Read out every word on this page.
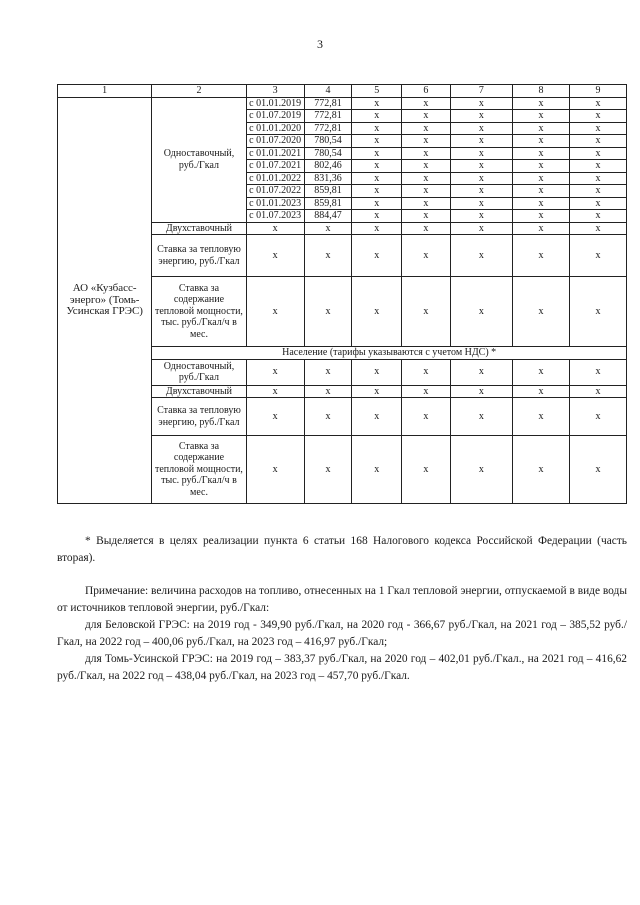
3
1	2	3	4	5	6	7	8	9
АО «Кузбасс-энерго» (Томь-Усинская ГРЭС)	Одноставочный, руб./Гкал	с 01.01.2019	772,81	x	x	x	x	x
		с 01.07.2019	772,81	x	x	x	x	x
		с 01.01.2020	772,81	x	x	x	x	x
		с 01.07.2020	780,54	x	x	x	x	x
		с 01.01.2021	780,54	x	x	x	x	x
		с 01.07.2021	802,46	x	x	x	x	x
		с 01.01.2022	831,36	x	x	x	x	x
		с 01.07.2022	859,81	x	x	x	x	x
		с 01.01.2023	859,81	x	x	x	x	x
		с 01.07.2023	884,47	x	x	x	x	x
	Двухставочный	x	x	x	x	x	x	x
	Ставка за тепловую энергию, руб./Гкал	x	x	x	x	x	x	x
	Ставка за содержание тепловой мощности, тыс. руб./Гкал/ч в мес.	x	x	x	x	x	x	x
	Население (тарифы указываются с учетом НДС) *							
	Одноставочный, руб./Гкал	x	x	x	x	x	x	x
	Двухставочный	x	x	x	x	x	x	x
	Ставка за тепловую энергию, руб./Гкал	x	x	x	x	x	x	x
	Ставка за содержание тепловой мощности, тыс. руб./Гкал/ч в мес.	x	x	x	x	x	x	x
* Выделяется в целях реализации пункта 6 статьи 168 Налогового кодекса Российской Федерации (часть вторая).

Примечание: величина расходов на топливо, отнесенных на 1 Гкал тепловой энергии, отпускаемой в виде воды от источников тепловой энергии, руб./Гкал:

для Беловской ГРЭС: на 2019 год - 349,90 руб./Гкал, на 2020 год - 366,67 руб./Гкал, на 2021 год – 385,52 руб./Гкал, на 2022 год – 400,06 руб./Гкал, на 2023 год – 416,97 руб./Гкал;

для Томь-Усинской ГРЭС: на 2019 год – 383,37 руб./Гкал, на 2020 год – 402,01 руб./Гкал., на 2021 год – 416,62 руб./Гкал, на 2022 год – 438,04 руб./Гкал, на 2023 год – 457,70 руб./Гкал.
